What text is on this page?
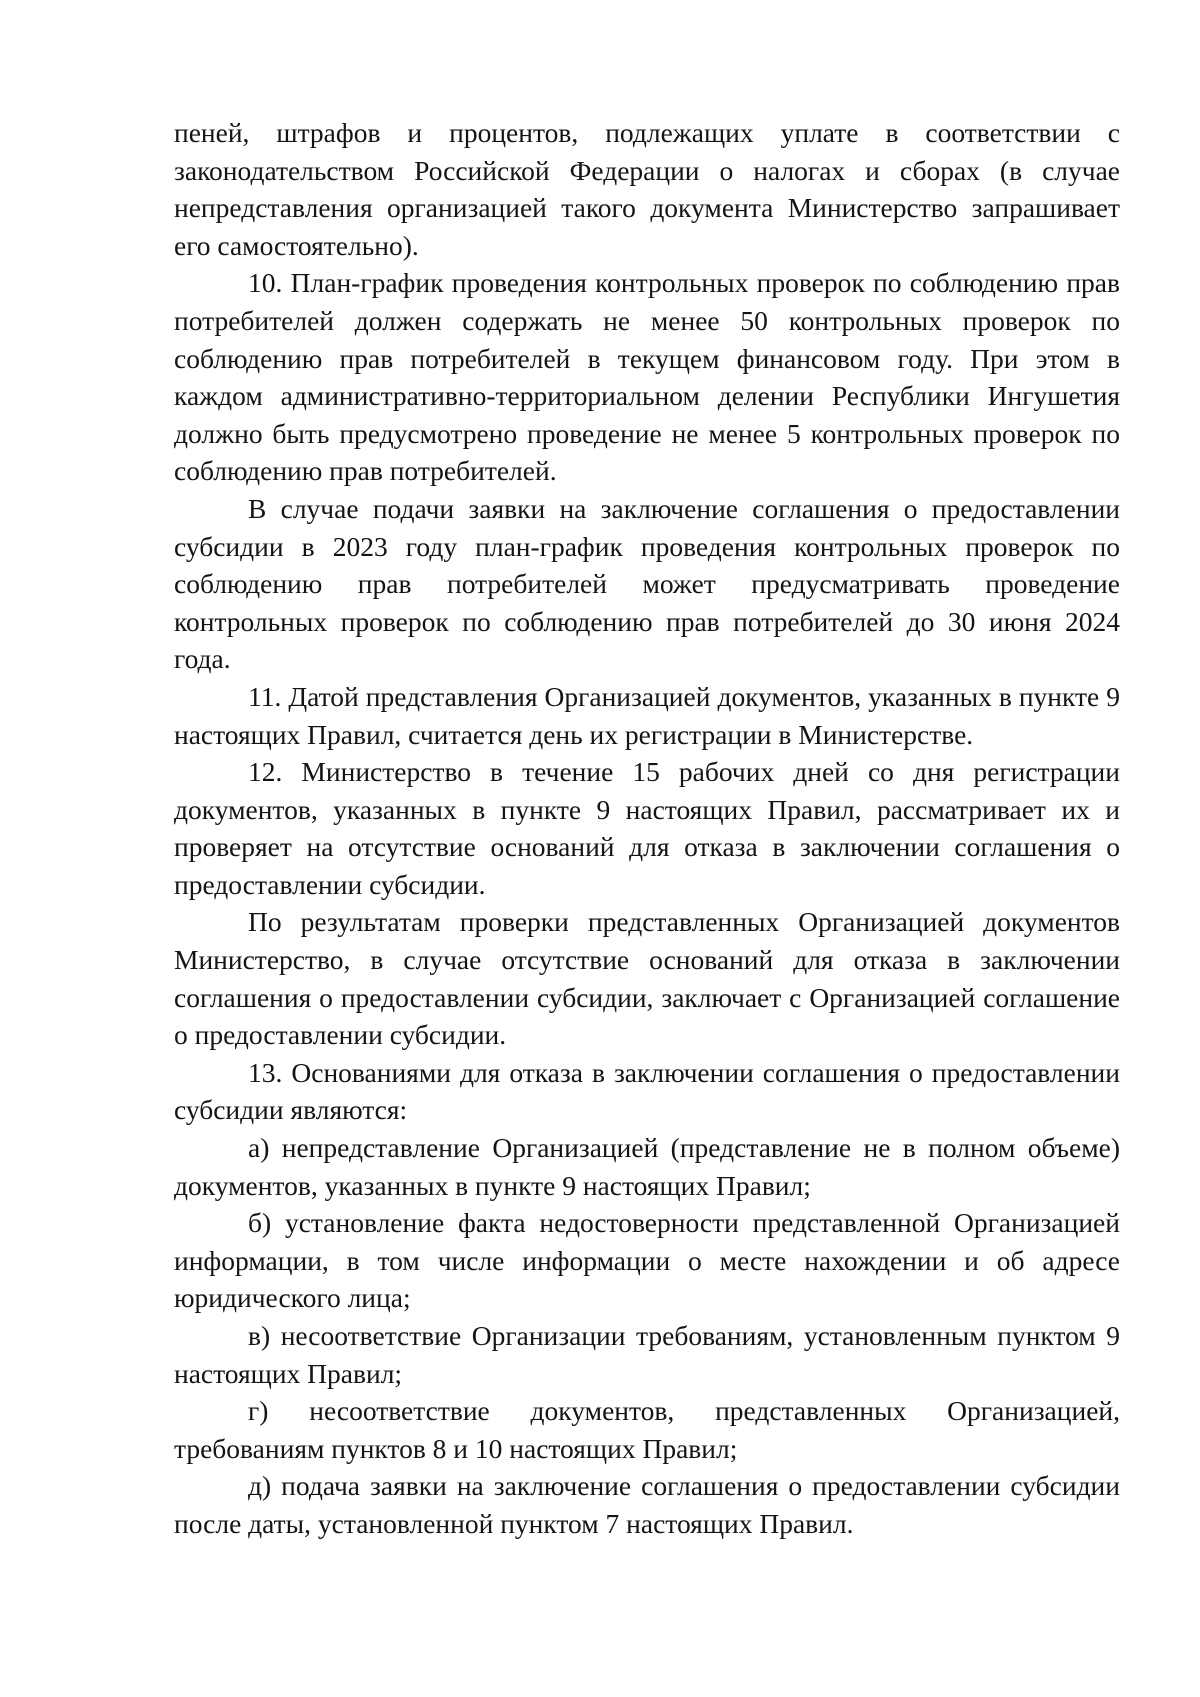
пеней, штрафов и процентов, подлежащих уплате в соответствии с законодательством Российской Федерации о налогах и сборах (в случае непредставления организацией такого документа Министерство запрашивает его самостоятельно).

10. План-график проведения контрольных проверок по соблюдению прав потребителей должен содержать не менее 50 контрольных проверок по соблюдению прав потребителей в текущем финансовом году. При этом в каждом административно-территориальном делении Республики Ингушетия должно быть предусмотрено проведение не менее 5 контрольных проверок по соблюдению прав потребителей.

В случае подачи заявки на заключение соглашения о предоставлении субсидии в 2023 году план-график проведения контрольных проверок по соблюдению прав потребителей может предусматривать проведение контрольных проверок по соблюдению прав потребителей до 30 июня 2024 года.

11. Датой представления Организацией документов, указанных в пункте 9 настоящих Правил, считается день их регистрации в Министерстве.

12. Министерство в течение 15 рабочих дней со дня регистрации документов, указанных в пункте 9 настоящих Правил, рассматривает их и проверяет на отсутствие оснований для отказа в заключении соглашения о предоставлении субсидии.

По результатам проверки представленных Организацией документов Министерство, в случае отсутствие оснований для отказа в заключении соглашения о предоставлении субсидии, заключает с Организацией соглашение о предоставлении субсидии.

13. Основаниями для отказа в заключении соглашения о предоставлении субсидии являются:

а) непредставление Организацией (представление не в полном объеме) документов, указанных в пункте 9 настоящих Правил;

б) установление факта недостоверности представленной Организацией информации, в том числе информации о месте нахождении и об адресе юридического лица;

в) несоответствие Организации требованиям, установленным пунктом 9 настоящих Правил;

г) несоответствие документов, представленных Организацией, требованиям пунктов 8 и 10 настоящих Правил;

д) подача заявки на заключение соглашения о предоставлении субсидии после даты, установленной пунктом 7 настоящих Правил.
